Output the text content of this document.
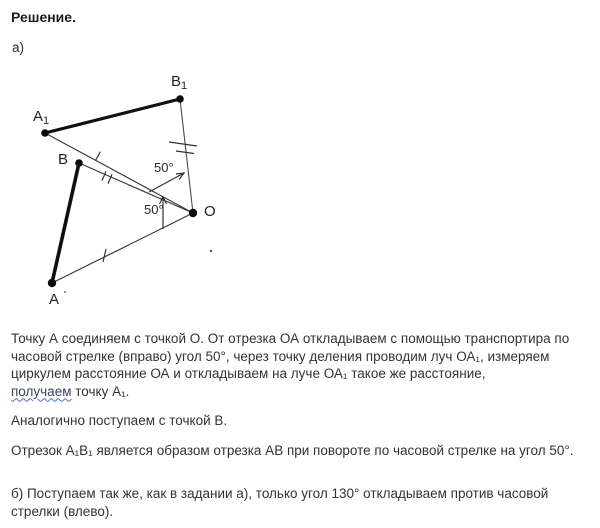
Решение.
а)
$В_1$
$А_1$
В
О
А
50°
50°
Точку А соединяем с точкой О. От отрезка ОА откладываем с помощью транспортира по
часовой стрелке (вправо) угол 50°, через точку деления проводим луч ОА₁, измеряем
циркулем расстояние ОА и откладываем на луче ОА₁ такое же расстояние,
получаем точку А₁.
Аналогично поступаем с точкой В.
Отрезок А₁В₁ является образом отрезка АВ при повороте по часовой стрелке на угол 50°.
б) Поступаем так же, как в задании а), только угол 130° откладываем против часовой
стрелки (влево).
